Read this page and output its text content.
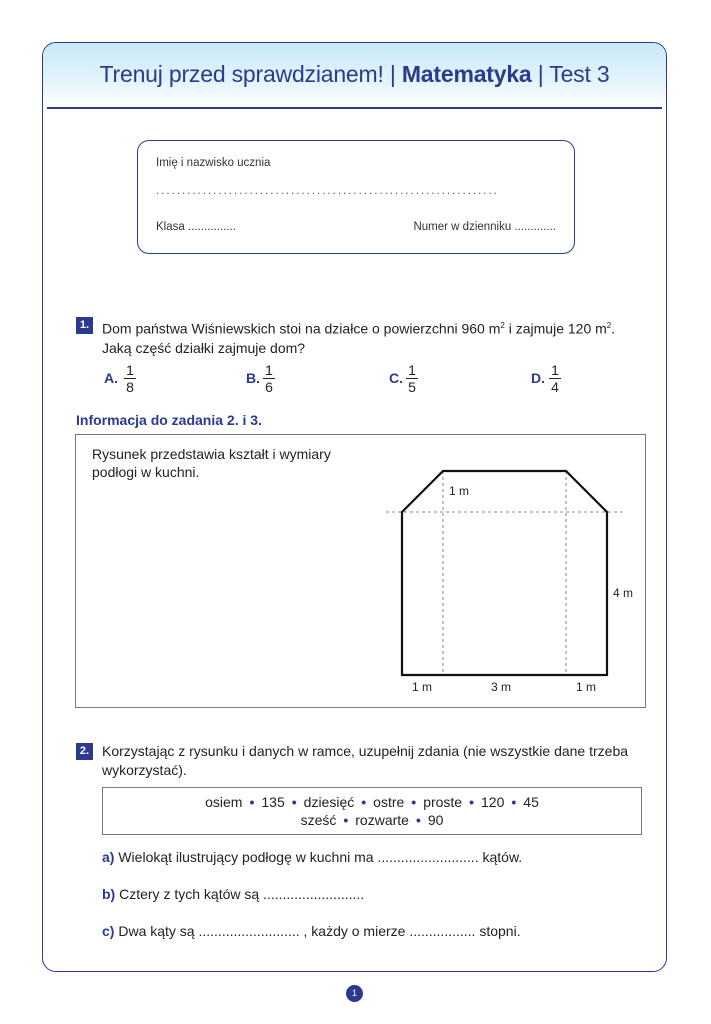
Trenuj przed sprawdzianem! | Matematyka | Test 3
Imię i nazwisko ucznia
..................................................................
Klasa ...............	Numer w dzienniku .............
1. Dom państwa Wiśniewskich stoi na działce o powierzchni 960 $m^2$ i zajmuje 120 $m^2$.
Jaką część działki zajmuje dom?
A. $\frac{1}{8}$	B. $\frac{1}{6}$	C. $\frac{1}{5}$	D. $\frac{1}{4}$
Informacja do zadania 2. i 3.
Rysunek przedstawia kształt i wymiary podłogi w kuchni.
1 m
4 m
1 m	3 m	1 m
2. Korzystając z rysunku i danych w ramce, uzupełnij zdania (nie wszystkie dane trzeba wykorzystać).
osiem • 135 • dziesięć • ostre • proste • 120 • 45
sześć • rozwarte • 90
a) Wielokąt ilustrujący podłogę w kuchni ma .......................... kątów.
b) Cztery z tych kątów są ..........................
c) Dwa kąty są .......................... , każdy o mierze ................. stopni.
1
